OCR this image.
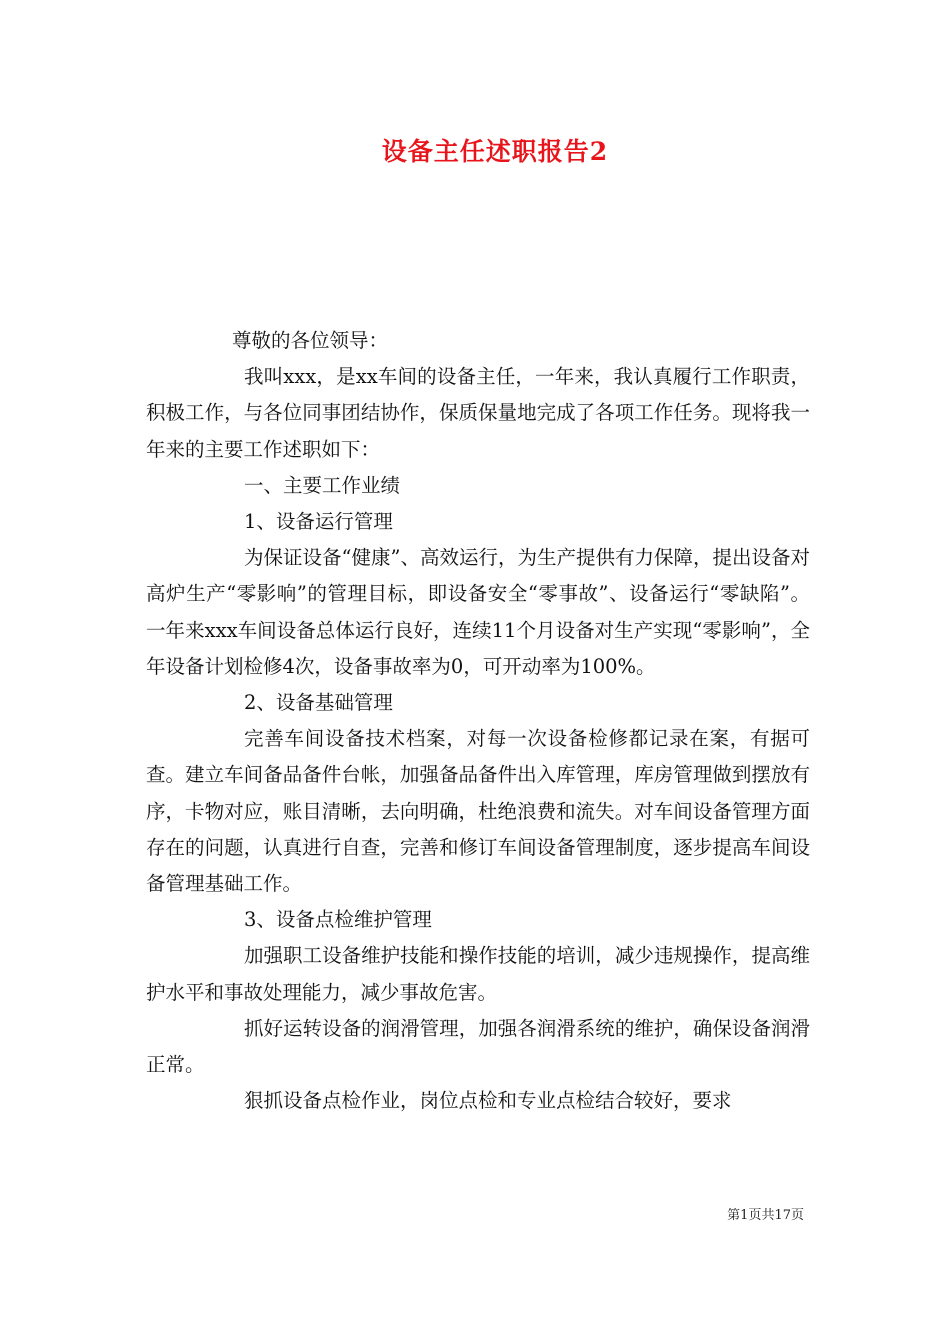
设备主任述职报告2

尊敬的各位领导：

我叫xxx，是xx车间的设备主任，一年来，我认真履行工作职责，积极工作，与各位同事团结协作，保质保量地完成了各项工作任务。现将我一年来的主要工作述职如下：

一、主要工作业绩

1、设备运行管理

为保证设备“健康”、高效运行，为生产提供有力保障，提出设备对高炉生产“零影响”的管理目标，即设备安全“零事故”、设备运行“零缺陷”。一年来xxx车间设备总体运行良好，连续11个月设备对生产实现“零影响”，全年设备计划检修4次，设备事故率为0，可开动率为100%。

2、设备基础管理

完善车间设备技术档案，对每一次设备检修都记录在案，有据可查。建立车间备品备件台帐，加强备品备件出入库管理，库房管理做到摆放有序，卡物对应，账目清晰，去向明确，杜绝浪费和流失。对车间设备管理方面存在的问题，认真进行自查，完善和修订车间设备管理制度，逐步提高车间设备管理基础工作。

3、设备点检维护管理

加强职工设备维护技能和操作技能的培训，减少违规操作，提高维护水平和事故处理能力，减少事故危害。

抓好运转设备的润滑管理，加强各润滑系统的维护，确保设备润滑正常。

狠抓设备点检作业，岗位点检和专业点检结合较好，要求

第1页共17页
